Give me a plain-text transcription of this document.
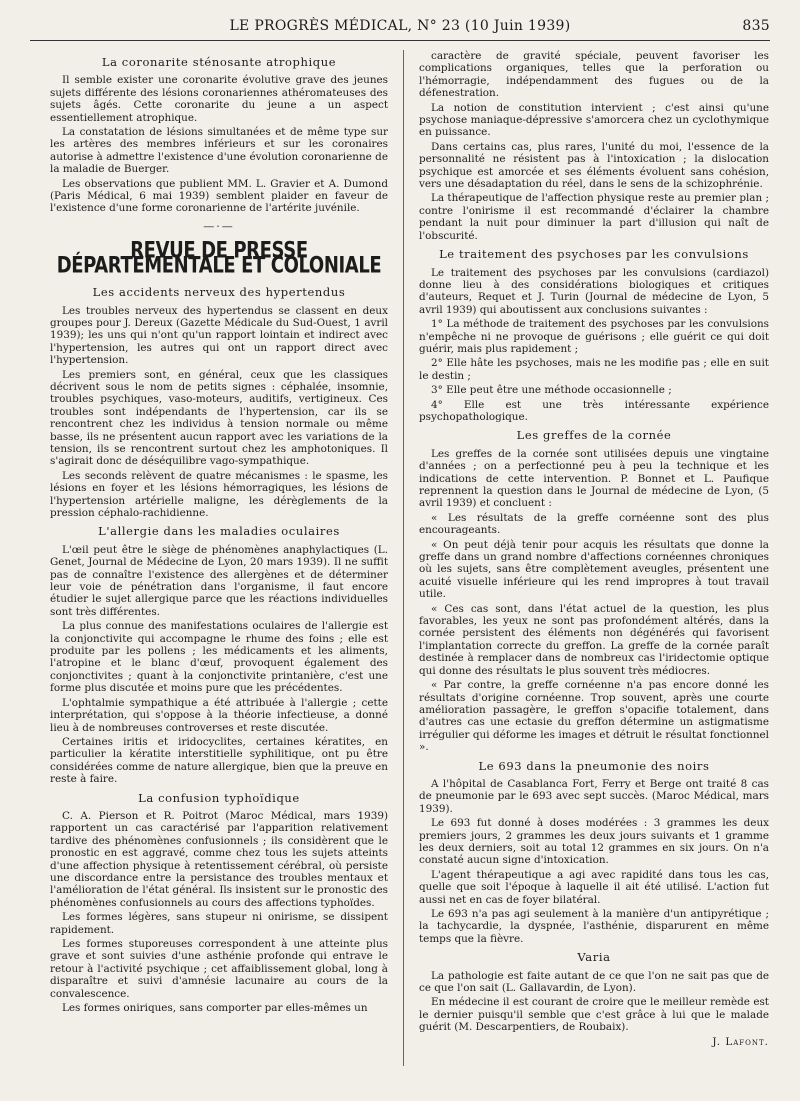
LE PROGRÈS MÉDICAL, N° 23 (10 Juin 1939)	835
La coronarite sténosante atrophique

Il semble exister une coronarite évolutive grave des jeunes sujets différente des lésions coronariennes athéromateuses des sujets âgés. Cette coronarite du jeune a un aspect essentiellement atrophique.

La constatation de lésions simultanées et de même type sur les artères des membres inférieurs et sur les coronaires autorise à admettre l'existence d'une évolution coronarienne de la maladie de Buerger.

Les observations que publient MM. L. Gravier et A. Dumond (Paris Médical, 6 mai 1939) semblent plaider en faveur de l'existence d'une forme coronarienne de l'artérite juvénile.

—·—
REVUE DE PRESSE DÉPARTEMENTALE ET COLONIALE
Les accidents nerveux des hypertendus

Les troubles nerveux des hypertendus se classent en deux groupes pour J. Dereux (Gazette Médicale du Sud-Ouest, 1 avril 1939); les uns qui n'ont qu'un rapport lointain et indirect avec l'hypertension, les autres qui ont un rapport direct avec l'hypertension.

Les premiers sont, en général, ceux que les classiques décrivent sous le nom de petits signes : céphalée, insomnie, troubles psychiques, vaso-moteurs, auditifs, vertigineux. Ces troubles sont indépendants de l'hypertension, car ils se rencontrent chez les individus à tension normale ou même basse, ils ne présentent aucun rapport avec les variations de la tension, ils se rencontrent surtout chez les amphotoniques. Il s'agirait donc de déséquilibre vago-sympathique.

Les seconds relèvent de quatre mécanismes : le spasme, les lésions en foyer et les lésions hémorragiques, les lésions de l'hypertension artérielle maligne, les dérèglements de la pression céphalo-rachidienne.

L'allergie dans les maladies oculaires

L'œil peut être le siège de phénomènes anaphylactiques (L. Genet, Journal de Médecine de Lyon, 20 mars 1939). Il ne suffit pas de connaître l'existence des allergènes et de déterminer leur voie de pénétration dans l'organisme, il faut encore étudier le sujet allergique parce que les réactions individuelles sont très différentes.

La plus connue des manifestations oculaires de l'allergie est la conjonctivite qui accompagne le rhume des foins ; elle est produite par les pollens ; les médicaments et les aliments, l'atropine et le blanc d'œuf, provoquent également des conjonctivites ; quant à la conjonctivite printanière, c'est une forme plus discutée et moins pure que les précédentes.

L'ophtalmie sympathique a été attribuée à l'allergie ; cette interprétation, qui s'oppose à la théorie infectieuse, a donné lieu à de nombreuses controverses et reste discutée.

Certaines iritis et iridocyclites, certaines kératites, en particulier la kératite interstitielle syphilitique, ont pu être considérées comme de nature allergique, bien que la preuve en reste à faire.

La confusion typhoïdique

C. A. Pierson et R. Poitrot (Maroc Médical, mars 1939) rapportent un cas caractérisé par l'apparition relativement tardive des phénomènes confusionnels ; ils considèrent que le pronostic en est aggravé, comme chez tous les sujets atteints d'une affection physique à retentissement cérébral, où persiste une discordance entre la persistance des troubles mentaux et l'amélioration de l'état général. Ils insistent sur le pronostic des phénomènes confusionnels au cours des affections typhoïdes.

Les formes légères, sans stupeur ni onirisme, se dissipent rapidement.

Les formes stuporeuses correspondent à une atteinte plus grave et sont suivies d'une asthénie profonde qui entrave le retour à l'activité psychique ; cet affaiblissement global, long à disparaître et suivi d'amnésie lacunaire au cours de la convalescence.

Les formes oniriques, sans comporter par elles-mêmes un

caractère de gravité spéciale, peuvent favoriser les complications organiques, telles que la perforation ou l'hémorragie, indépendamment des fugues ou de la défenestration.

La notion de constitution intervient ; c'est ainsi qu'une psychose maniaque-dépressive s'amorcera chez un cyclothymique en puissance.

Dans certains cas, plus rares, l'unité du moi, l'essence de la personnalité ne résistent pas à l'intoxication ; la dislocation psychique est amorcée et ses éléments évoluent sans cohésion, vers une désadaptation du réel, dans le sens de la schizophrénie.

La thérapeutique de l'affection physique reste au premier plan ; contre l'onirisme il est recommandé d'éclairer la chambre pendant la nuit pour diminuer la part d'illusion qui naît de l'obscurité.

Le traitement des psychoses par les convulsions

Le traitement des psychoses par les convulsions (cardiazol) donne lieu à des considérations biologiques et critiques d'auteurs, Requet et J. Turin (Journal de médecine de Lyon, 5 avril 1939) qui aboutissent aux conclusions suivantes :

1° La méthode de traitement des psychoses par les convulsions n'empêche ni ne provoque de guérisons ; elle guérit ce qui doit guérir, mais plus rapidement ;

2° Elle hâte les psychoses, mais ne les modifie pas ; elle en suit le destin ;

3° Elle peut être une méthode occasionnelle ;

4° Elle est une très intéressante expérience psychopathologique.

Les greffes de la cornée

Les greffes de la cornée sont utilisées depuis une vingtaine d'années ; on a perfectionné peu à peu la technique et les indications de cette intervention. P. Bonnet et L. Paufique reprennent la question dans le Journal de médecine de Lyon, (5 avril 1939) et concluent :

« Les résultats de la greffe cornéenne sont des plus encourageants.

« On peut déjà tenir pour acquis les résultats que donne la greffe dans un grand nombre d'affections cornéennes chroniques où les sujets, sans être complètement aveugles, présentent une acuité visuelle inférieure qui les rend impropres à tout travail utile.

« Ces cas sont, dans l'état actuel de la question, les plus favorables, les yeux ne sont pas profondément altérés, dans la cornée persistent des éléments non dégénérés qui favorisent l'implantation correcte du greffon. La greffe de la cornée paraît destinée à remplacer dans de nombreux cas l'iridectomie optique qui donne des résultats le plus souvent très médiocres.

« Par contre, la greffe cornéenne n'a pas encore donné les résultats d'origine cornéenne. Trop souvent, après une courte amélioration passagère, le greffon s'opacifie totalement, dans d'autres cas une ectasie du greffon détermine un astigmatisme irrégulier qui déforme les images et détruit le résultat fonctionnel ».

Le 693 dans la pneumonie des noirs

A l'hôpital de Casablanca Fort, Ferry et Berge ont traité 8 cas de pneumonie par le 693 avec sept succès. (Maroc Médical, mars 1939).

Le 693 fut donné à doses modérées : 3 grammes les deux premiers jours, 2 grammes les deux jours suivants et 1 gramme les deux derniers, soit au total 12 grammes en six jours. On n'a constaté aucun signe d'intoxication.

L'agent thérapeutique a agi avec rapidité dans tous les cas, quelle que soit l'époque à laquelle il ait été utilisé. L'action fut aussi net en cas de foyer bilatéral.

Le 693 n'a pas agi seulement à la manière d'un antipyrétique ; la tachycardie, la dyspnée, l'asthénie, disparurent en même temps que la fièvre.

Varia

La pathologie est faite autant de ce que l'on ne sait pas que de ce que l'on sait (L. Gallavardin, de Lyon).

En médecine il est courant de croire que le meilleur remède est le dernier puisqu'il semble que c'est grâce à lui que le malade guérit (M. Descarpentiers, de Roubaix).

J. Lafont.
